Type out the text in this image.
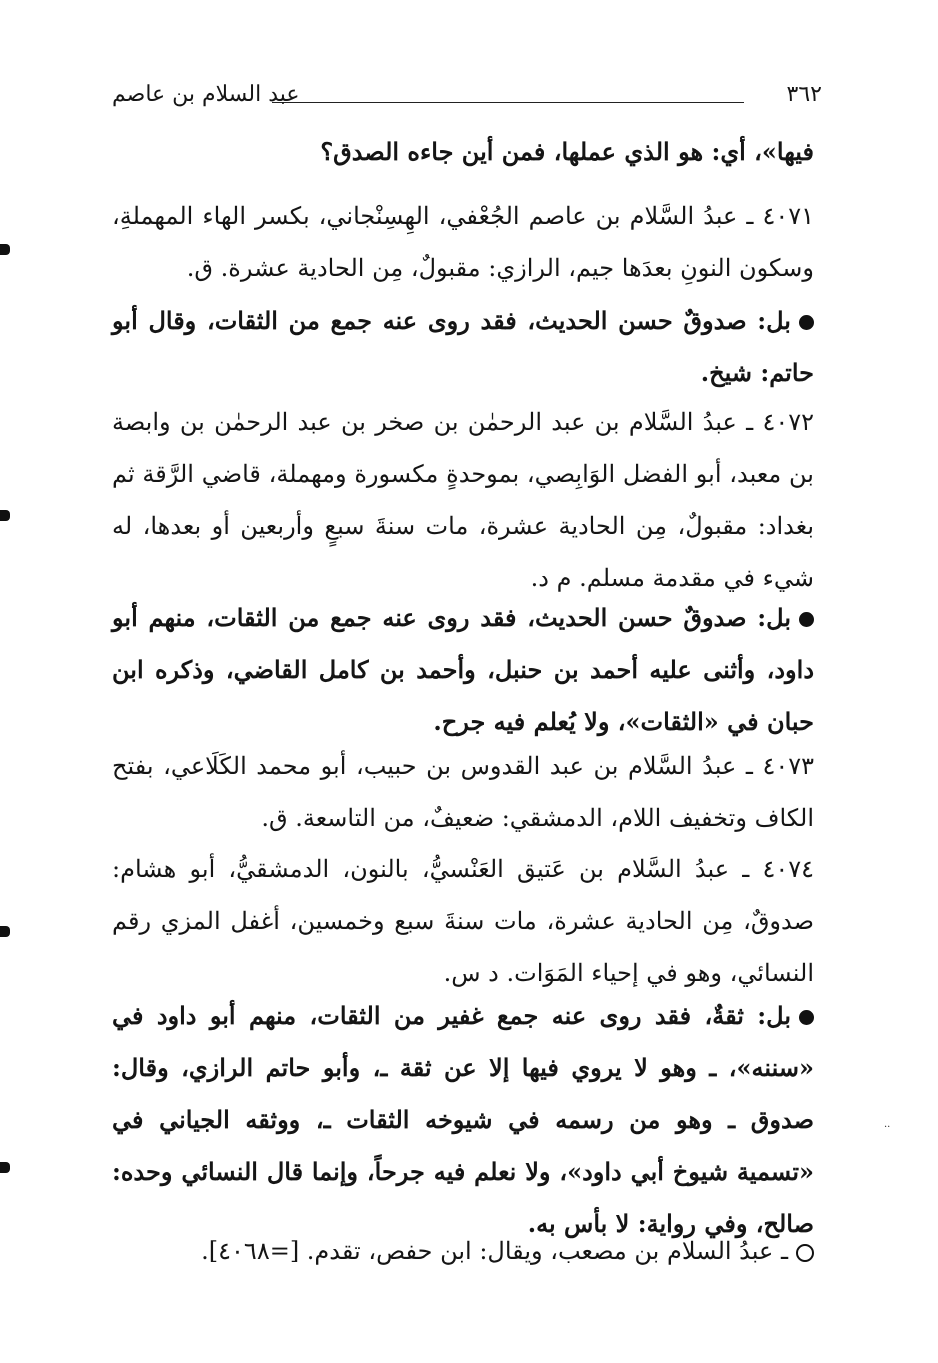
٣٦٢
عبد السلام بن عاصم

فيها»، أي: هو الذي عملها، فمن أين جاءه الصدق؟

٤٠٧١ ـ عبدُ السَّلام بن عاصم الجُعْفي، الهِسِنْجاني، بكسر الهاء المهملةِ، وسكون النونِ بعدَها جيم، الرازي: مقبولٌ، مِن الحادية عشرة. ق.

بل: صدوقٌ حسن الحديث، فقد روى عنه جمع من الثقات، وقال أبو حاتم: شيخ.

٤٠٧٢ ـ عبدُ السَّلام بن عبد الرحمٰن بن صخر بن عبد الرحمٰن بن وابصة بن معبد، أبو الفضل الوَابِصي، بموحدةٍ مكسورة ومهملة، قاضي الرَّقة ثم بغداد: مقبولٌ، مِن الحادية عشرة، مات سنةَ سبعٍ وأربعين أو بعدها، له شيء في مقدمة مسلم. م د.

بل: صدوقٌ حسن الحديث، فقد روى عنه جمع من الثقات، منهم أبو داود، وأثنى عليه أحمد بن حنبل، وأحمد بن كامل القاضي، وذكره ابن حبان في «الثقات»، ولا يُعلم فيه جرح.

٤٠٧٣ ـ عبدُ السَّلام بن عبد القدوس بن حبيب، أبو محمد الكَلَاعي، بفتح الكاف وتخفيف اللام، الدمشقي: ضعيفٌ، من التاسعة. ق.

٤٠٧٤ ـ عبدُ السَّلام بن عَتيق العَنْسيُّ، بالنون، الدمشقيُّ، أبو هشام: صدوقٌ، مِن الحادية عشرة، مات سنةَ سبع وخمسين، أغفل المزي رقم النسائي، وهو في إحياء المَوَات. د س.

بل: ثقةٌ، فقد روى عنه جمع غفير من الثقات، منهم أبو داود في «سننه»، ـ وهو لا يروي فيها إلا عن ثقة ـ، وأبو حاتم الرازي، وقال: صدوق ـ وهو من رسمه في شيوخه الثقات ـ، ووثقه الجياني في «تسمية شيوخ أبي داود»، ولا نعلم فيه جرحاً، وإنما قال النسائي وحده: صالح، وفي رواية: لا بأس به.

ـ عبدُ السلام بن مصعب، ويقال: ابن حفص، تقدم. [=٤٠٦٨].

··
